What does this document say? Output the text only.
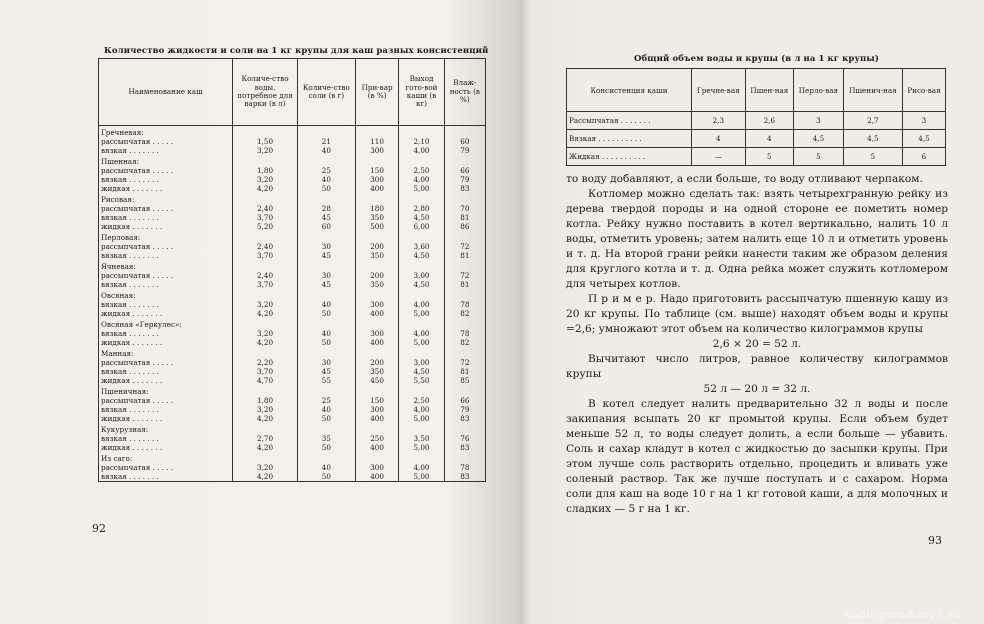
Количество жидкости и соли на 1 кг крупы для каш разных консистенций
Наименование каш	Количе-ство воды, потребное для варки (в л)	Количе-ство соли (в г)	При-вар (в %)	Выход гото-вой каши (в кг)	Влаж-ность (в %)
Гречневая:					
рассыпчатая . . . . .	1,50	21	110	2,10	60
вязкая . . . . . . .	3,20	40	300	4,00	79
Пшенная:					
рассыпчатая . . . . .	1,80	25	150	2,50	66
вязкая . . . . . . .	3,20	40	300	4,00	79
жидкая . . . . . . .	4,20	50	400	5,00	83
Рисовая:					
рассыпчатая . . . . .	2,40	28	180	2,80	70
вязкая . . . . . . .	3,70	45	350	4,50	81
жидкая . . . . . . .	5,20	60	500	6,00	86
Перловая:					
рассыпчатая . . . . .	2,40	30	200	3,60	72
вязкая . . . . . . .	3,70	45	350	4,50	81
Ячневая:					
рассыпчатая . . . . .	2,40	30	200	3,00	72
вязкая . . . . . . .	3,70	45	350	4,50	81
Овсяная:					
вязкая . . . . . . .	3,20	40	300	4,00	78
жидкая . . . . . . .	4,20	50	400	5,00	82
Овсяная «Геркулес»:					
вязкая . . . . . . .	3,20	40	300	4,00	78
жидкая . . . . . . .	4,20	50	400	5,00	82
Манная:					
рассыпчатая . . . . .	2,20	30	200	3,00	72
вязкая . . . . . . .	3,70	45	350	4,50	81
жидкая . . . . . . .	4,70	55	450	5,50	85
Пшеничная:					
рассыпчатая . . . . .	1,80	25	150	2,50	66
вязкая . . . . . . .	3,20	40	300	4,00	79
жидкая . . . . . . .	4,20	50	400	5,00	83
Кукурузная:					
вязкая . . . . . . .	2,70	35	250	3,50	76
жидкая . . . . . . .	4,20	50	400	5,00	83
Из саго:					
рассыпчатая . . . . .	3,20	40	300	4,00	78
вязкая . . . . . . .	4,20	50	400	5,00	83
92
Общий объем воды и крупы (в л на 1 кг крупы)
Консистенция каши	Гречне-вая	Пшен-ная	Перло-вая	Пшенич-ная	Рисо-вая
Рассыпчатая . . . . . . .	2,3	2,6	3	2,7	3
Вязкая . . . . . . . . . .	4	4	4,5	4,5	4,5
Жидкая . . . . . . . . . .	—	5	5	5	6

то воду добавляют, а если больше, то воду отливают черпаком.

Котломер можно сделать так: взять четырехгранную рейку из дерева твердой породы и на одной стороне ее пометить номер котла. Рейку нужно поставить в котел вертикально, налить 10 л воды, отметить уровень; затем налить еще 10 л и отметить уровень и т. д. На второй грани рейки нанести таким же образом деления для круглого котла и т. д. Одна рейка может служить котломером для четырех котлов.

П р и м е р. Надо приготовить рассыпчатую пшенную кашу из 20 кг крупы. По таблице (см. выше) находят объем воды и крупы =2,6; умножают этот объем на количество килограммов крупы

2,6 × 20 = 52 л.

Вычитают число литров, равное количеству килограммов крупы

52 л — 20 л = 32 л.

В котел следует налить предварительно 32 л воды и после закипания всыпать 20 кг промытой крупы. Если объем будет меньше 52 л, то воды следует долить, а если больше — убавить. Соль и сахар кладут в котел с жидкостью до засыпки крупы. При этом лучше соль растворить отдельно, процедить и вливать уже соленый раствор. Так же лучше поступать и с сахаром. Норма соли для каш на воде 10 г на 1 кг готовой каши, а для молочных и сладких — 5 г на 1 кг.

93
sadiogorod.my1.ru
